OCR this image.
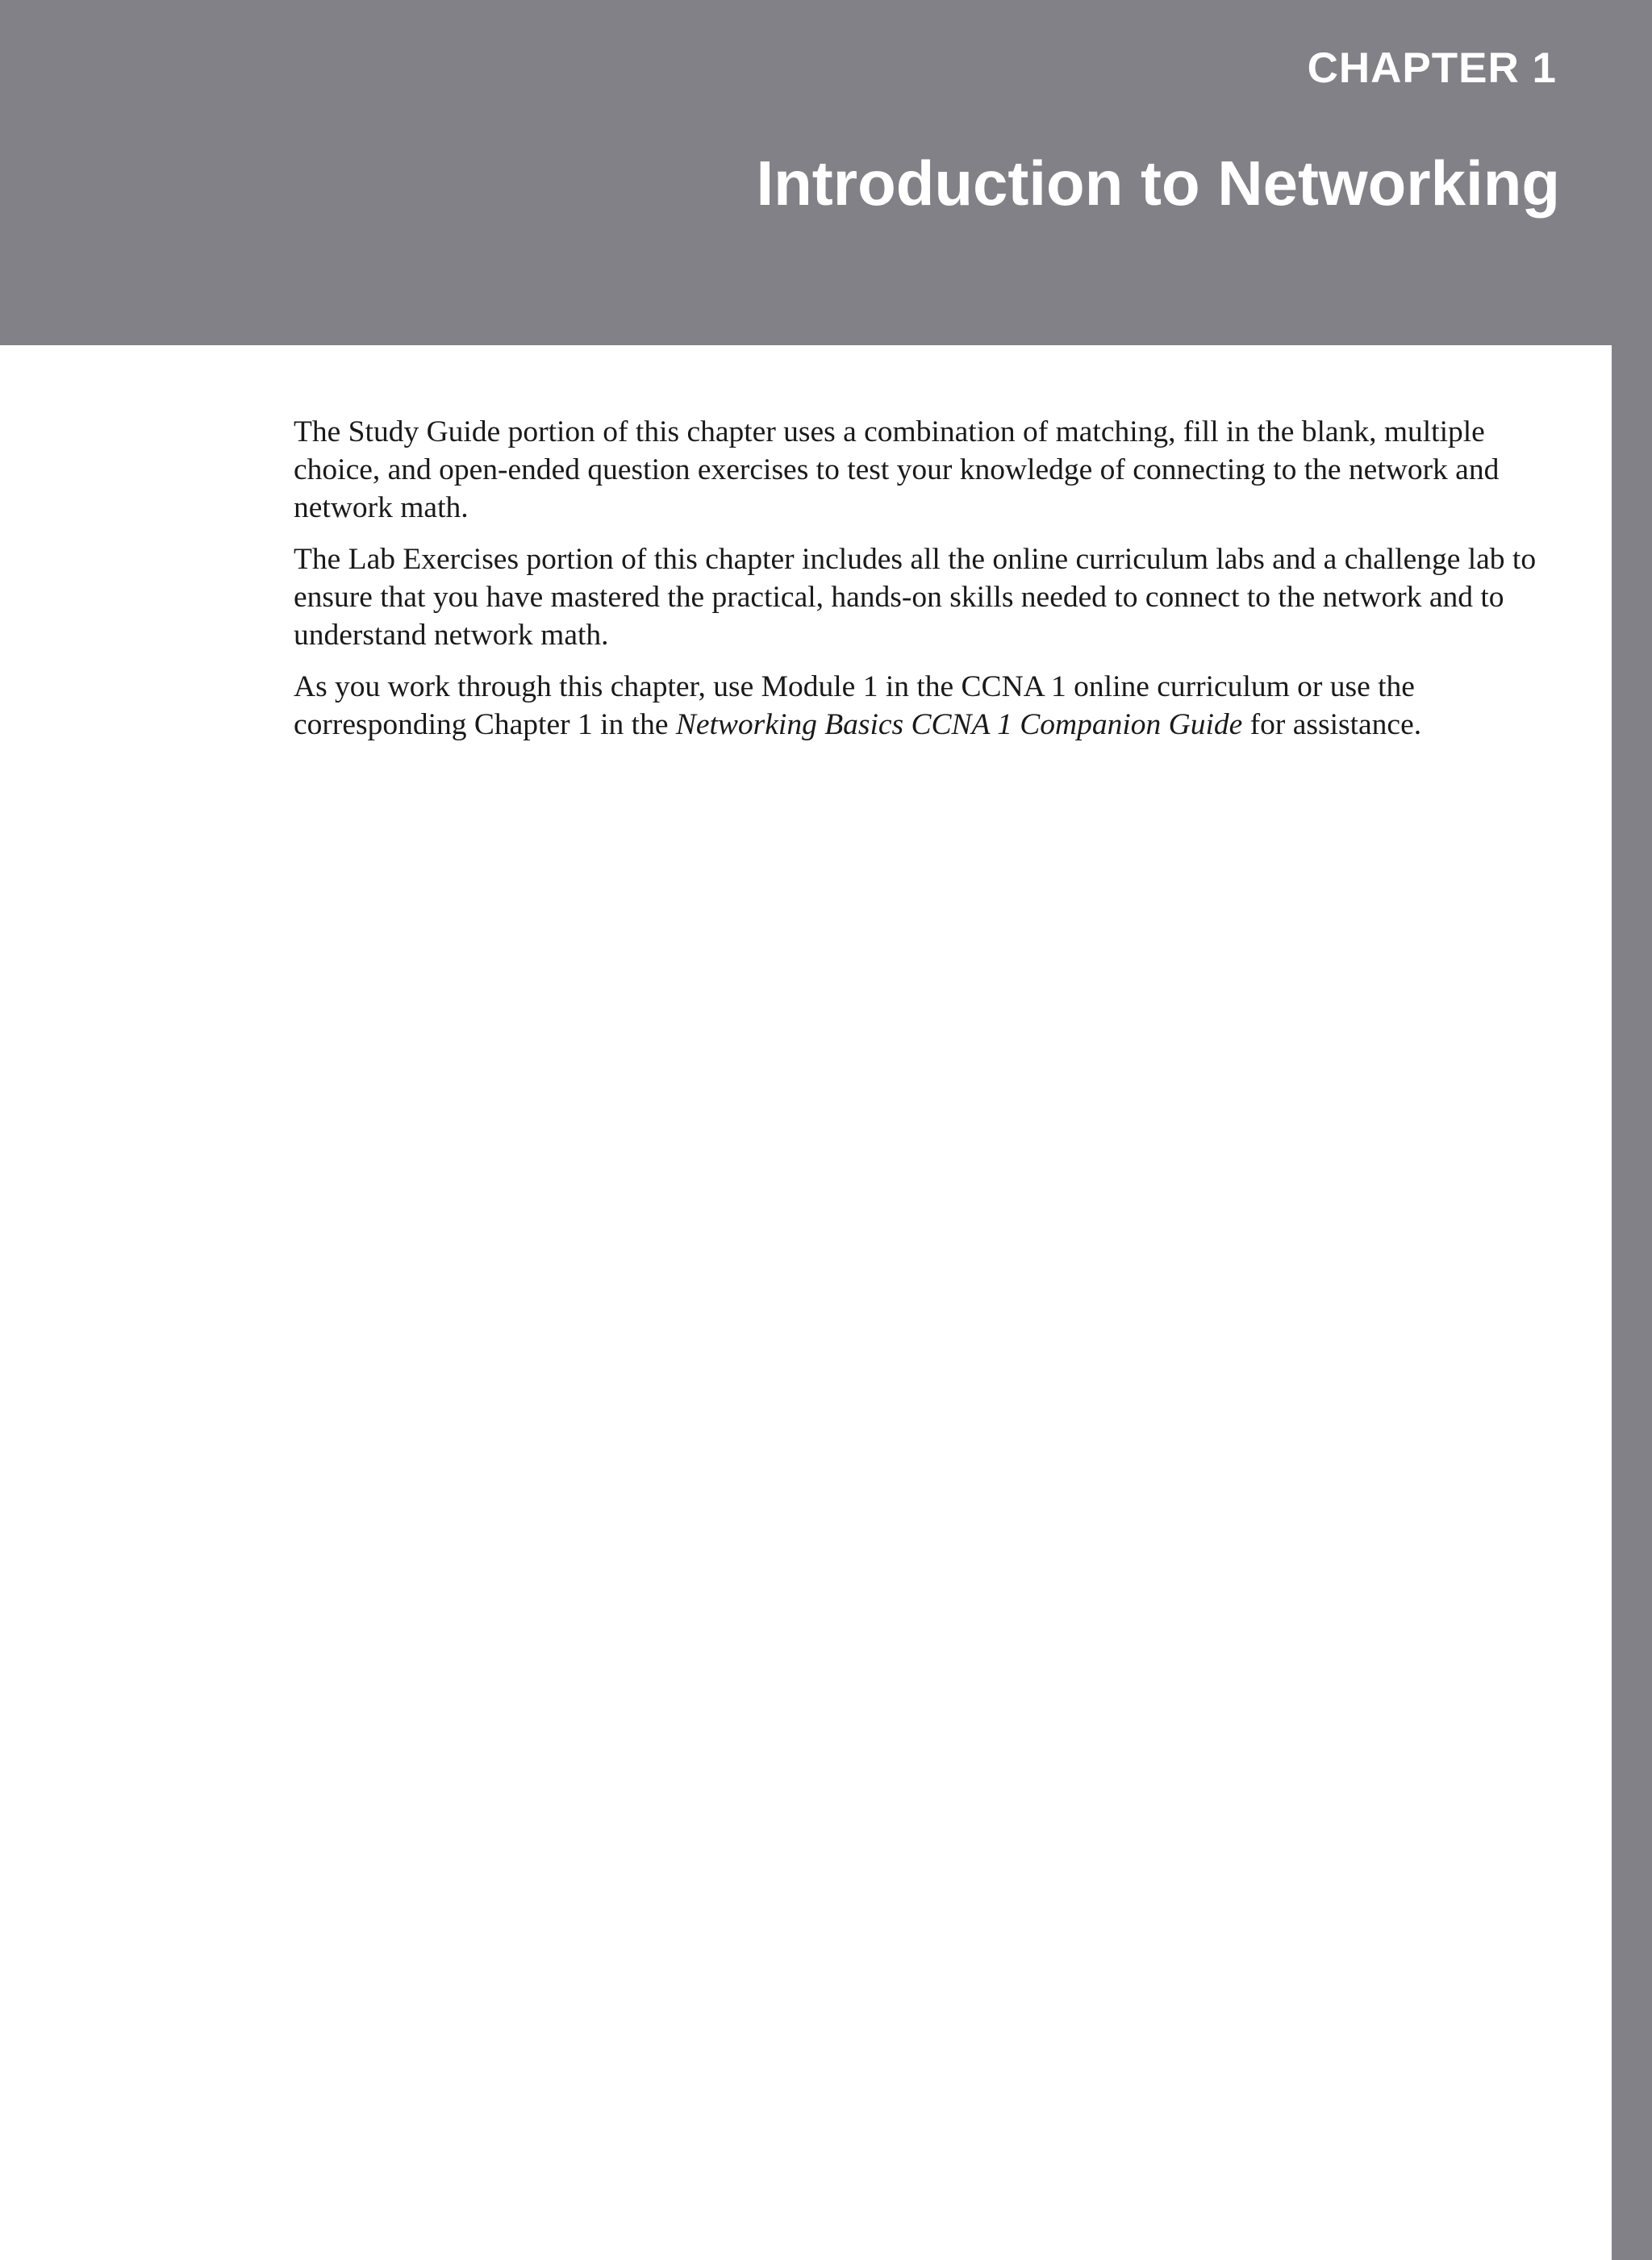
CHAPTER 1
Introduction to Networking

The Study Guide portion of this chapter uses a combination of matching, fill in the blank, multiple choice, and open-ended question exercises to test your knowledge of connecting to the network and network math.

The Lab Exercises portion of this chapter includes all the online curriculum labs and a challenge lab to ensure that you have mastered the practical, hands-on skills needed to connect to the network and to understand network math.

As you work through this chapter, use Module 1 in the CCNA 1 online curriculum or use the corresponding Chapter 1 in the Networking Basics CCNA 1 Companion Guide for assistance.
